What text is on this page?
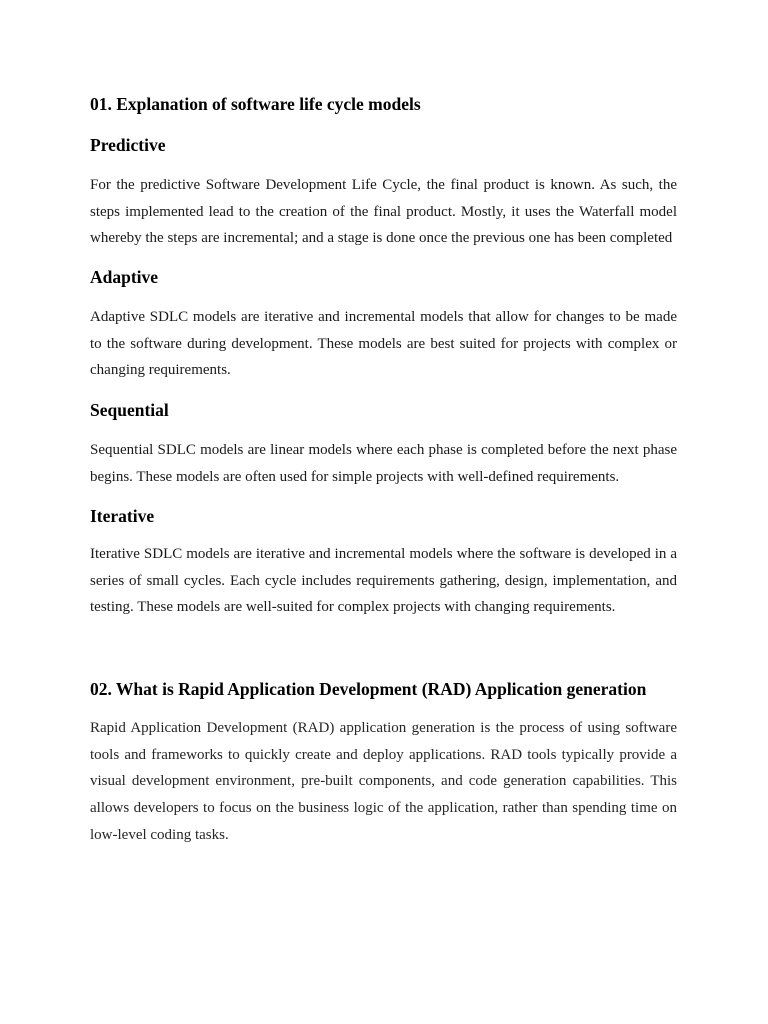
01. Explanation of software life cycle models
Predictive

For the predictive Software Development Life Cycle, the final product is known. As such, the steps implemented lead to the creation of the final product. Mostly, it uses the Waterfall model whereby the steps are incremental; and a stage is done once the previous one has been completed

Adaptive

Adaptive SDLC models are iterative and incremental models that allow for changes to be made to the software during development. These models are best suited for projects with complex or changing requirements.

Sequential

Sequential SDLC models are linear models where each phase is completed before the next phase begins. These models are often used for simple projects with well-defined requirements.

Iterative

Iterative SDLC models are iterative and incremental models where the software is developed in a series of small cycles. Each cycle includes requirements gathering, design, implementation, and testing. These models are well-suited for complex projects with changing requirements.

02. What is Rapid Application Development (RAD) Application generation

Rapid Application Development (RAD) application generation is the process of using software tools and frameworks to quickly create and deploy applications. RAD tools typically provide a visual development environment, pre-built components, and code generation capabilities. This allows developers to focus on the business logic of the application, rather than spending time on low-level coding tasks.
